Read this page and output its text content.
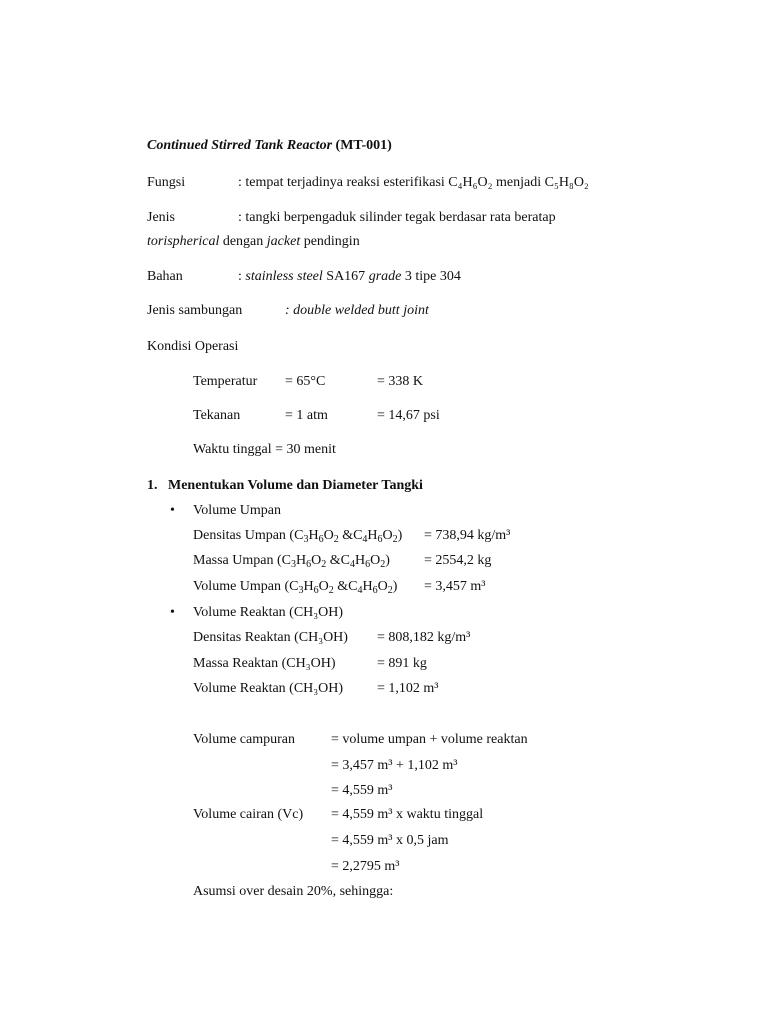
Continued Stirred Tank Reactor (MT-001)
Fungsi	: tempat terjadinya reaksi esterifikasi C₄H₆O₂ menjadi C₅H₈O₂
Jenis	: tangki berpengaduk silinder tegak berdasar rata beratap
torispherical dengan jacket pendingin
Bahan	: stainless steel SA167 grade 3 tipe 304
Jenis sambungan	: double welded butt joint
Kondisi Operasi
Temperatur = 65°C	= 338 K
Tekanan	= 1 atm	= 14,67 psi
Waktu tinggal = 30 menit
1.   Menentukan Volume dan Diameter Tangki
• Volume Umpan
Densitas Umpan ($C_3H_6O_2$ $\&C_4H_6O_2) = 738,94$ kg/m³
Massa Umpan ($C_3H_6O_2$ $\&C_4H_6O_2) = 2554,2$ kg
Volume Umpan ($C_3H_6O_2$ $\&C_4H_6O_2) = 3,457$ m³
• Volume Reaktan (CH₃OH)
Densitas Reaktan (CH₃OH) = 808,182 kg/m³
Massa Reaktan (CH₃OH)	= 891 kg
Volume Reaktan (CH₃OH) = 1,102 m³
Volume campuran	= volume umpan + volume reaktan
= 3,457 m³ + 1,102 m³
= 4,559 m³
Volume cairan (Vc) = 4,559 m³ x waktu tinggal
= 4,559 m³ x 0,5 jam
= 2,2795 m³
Asumsi over desain 20%, sehingga:
